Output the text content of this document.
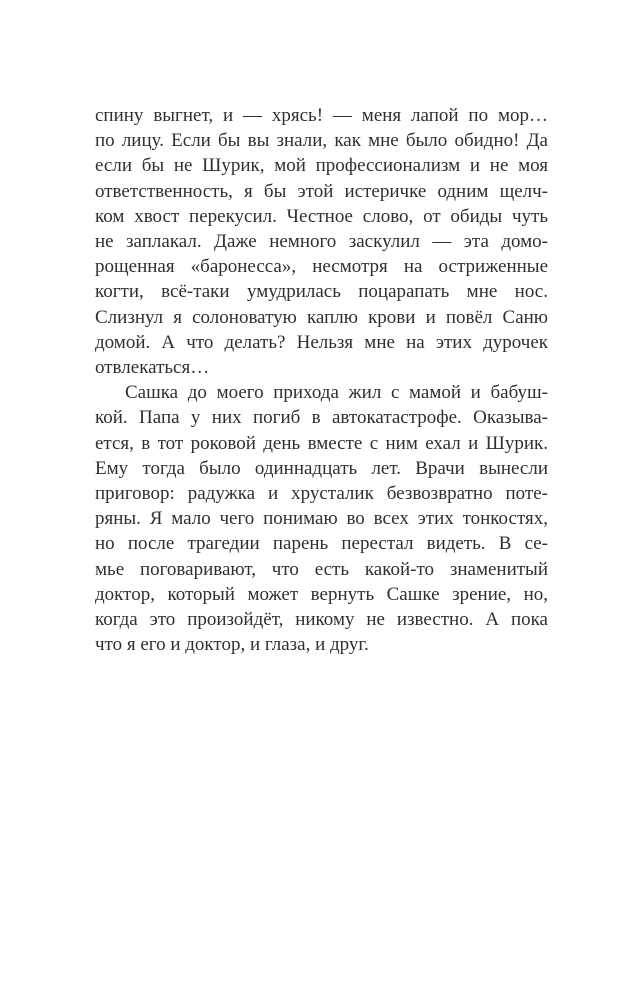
спину выгнет, и — хрясь! — меня лапой по мор…
по лицу. Если бы вы знали, как мне было обидно! Да
если бы не Шурик, мой профессионализм и не моя
ответственность, я бы этой истеричке одним щелч-
ком хвост перекусил. Честное слово, от обиды чуть
не заплакал. Даже немного заскулил — эта домо-
рощенная «баронесса», несмотря на остриженные
когти, всё-таки умудрилась поцарапать мне нос.
Слизнул я солоноватую каплю крови и повёл Саню
домой. А что делать? Нельзя мне на этих дурочек
отвлекаться…

Сашка до моего прихода жил с мамой и бабуш-
кой. Папа у них погиб в автокатастрофе. Оказыва-
ется, в тот роковой день вместе с ним ехал и Шурик.
Ему тогда было одиннадцать лет. Врачи вынесли
приговор: радужка и хрусталик безвозвратно поте-
ряны. Я мало чего понимаю во всех этих тонкостях,
но после трагедии парень перестал видеть. В се-
мье поговаривают, что есть какой-то знаменитый
доктор, который может вернуть Сашке зрение, но,
когда это произойдёт, никому не известно. А пока
что я его и доктор, и глаза, и друг.
